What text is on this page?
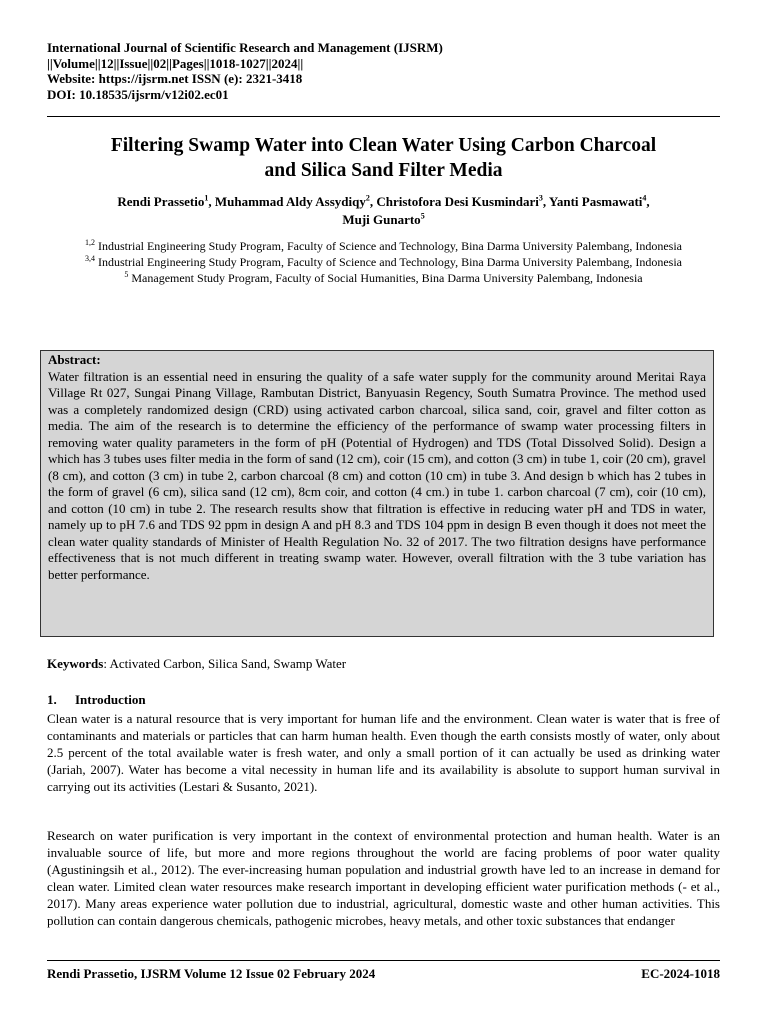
International Journal of Scientific Research and Management (IJSRM)
||Volume||12||Issue||02||Pages||1018-1027||2024||
Website: https://ijsrm.net ISSN (e): 2321-3418
DOI: 10.18535/ijsrm/v12i02.ec01
Filtering Swamp Water into Clean Water Using Carbon Charcoal
and Silica Sand Filter Media
Rendi Prassetio$^1$, Muhammad Aldy Assydiqy$^2$, Christofora Desi Kusmindari$^3$, Yanti Pasmawati$^4$,
Muji Gunarto$^5$

$^{1,2}$ Industrial Engineering Study Program, Faculty of Science and Technology, Bina Darma University Palembang, Indonesia

$^{3,4}$ Industrial Engineering Study Program, Faculty of Science and Technology, Bina Darma University Palembang, Indonesia

$^5$ Management Study Program, Faculty of Social Humanities, Bina Darma University Palembang, Indonesia

Abstract:
Water filtration is an essential need in ensuring the quality of a safe water supply for the community around Meritai Raya Village Rt 027, Sungai Pinang Village, Rambutan District, Banyuasin Regency, South Sumatra Province. The method used was a completely randomized design (CRD) using activated carbon charcoal, silica sand, coir, gravel and filter cotton as media. The aim of the research is to determine the efficiency of the performance of swamp water processing filters in removing water quality parameters in the form of pH (Potential of Hydrogen) and TDS (Total Dissolved Solid). Design a which has 3 tubes uses filter media in the form of sand (12 cm), coir (15 cm), and cotton (3 cm) in tube 1, coir (20 cm), gravel (8 cm), and cotton (3 cm) in tube 2, carbon charcoal (8 cm) and cotton (10 cm) in tube 3. And design b which has 2 tubes in the form of gravel (6 cm), silica sand (12 cm), 8cm coir, and cotton (4 cm.) in tube 1. carbon charcoal (7 cm), coir (10 cm), and cotton (10 cm) in tube 2. The research results show that filtration is effective in reducing water pH and TDS in water, namely up to pH 7.6 and TDS 92 ppm in design A and pH 8.3 and TDS 104 ppm in design B even though it does not meet the clean water quality standards of Minister of Health Regulation No. 32 of 2017. The two filtration designs have performance effectiveness that is not much different in treating swamp water. However, overall filtration with the 3 tube variation has better performance.
Keywords: Activated Carbon, Silica Sand, Swamp Water
1. Introduction
Clean water is a natural resource that is very important for human life and the environment. Clean water is water that is free of contaminants and materials or particles that can harm human health. Even though the earth consists mostly of water, only about 2.5 percent of the total available water is fresh water, and only a small portion of it can actually be used as drinking water (Jariah, 2007). Water has become a vital necessity in human life and its availability is absolute to support human survival in carrying out its activities (Lestari & Susanto, 2021).
Research on water purification is very important in the context of environmental protection and human health. Water is an invaluable source of life, but more and more regions throughout the world are facing problems of poor water quality (Agustiningsih et al., 2012). The ever-increasing human population and industrial growth have led to an increase in demand for clean water. Limited clean water resources make research important in developing efficient water purification methods (- et al., 2017). Many areas experience water pollution due to industrial, agricultural, domestic waste and other human activities. This pollution can contain dangerous chemicals, pathogenic microbes, heavy metals, and other toxic substances that endanger
Rendi Prassetio, IJSRM Volume 12 Issue 02 February 2024	EC-2024-1018
